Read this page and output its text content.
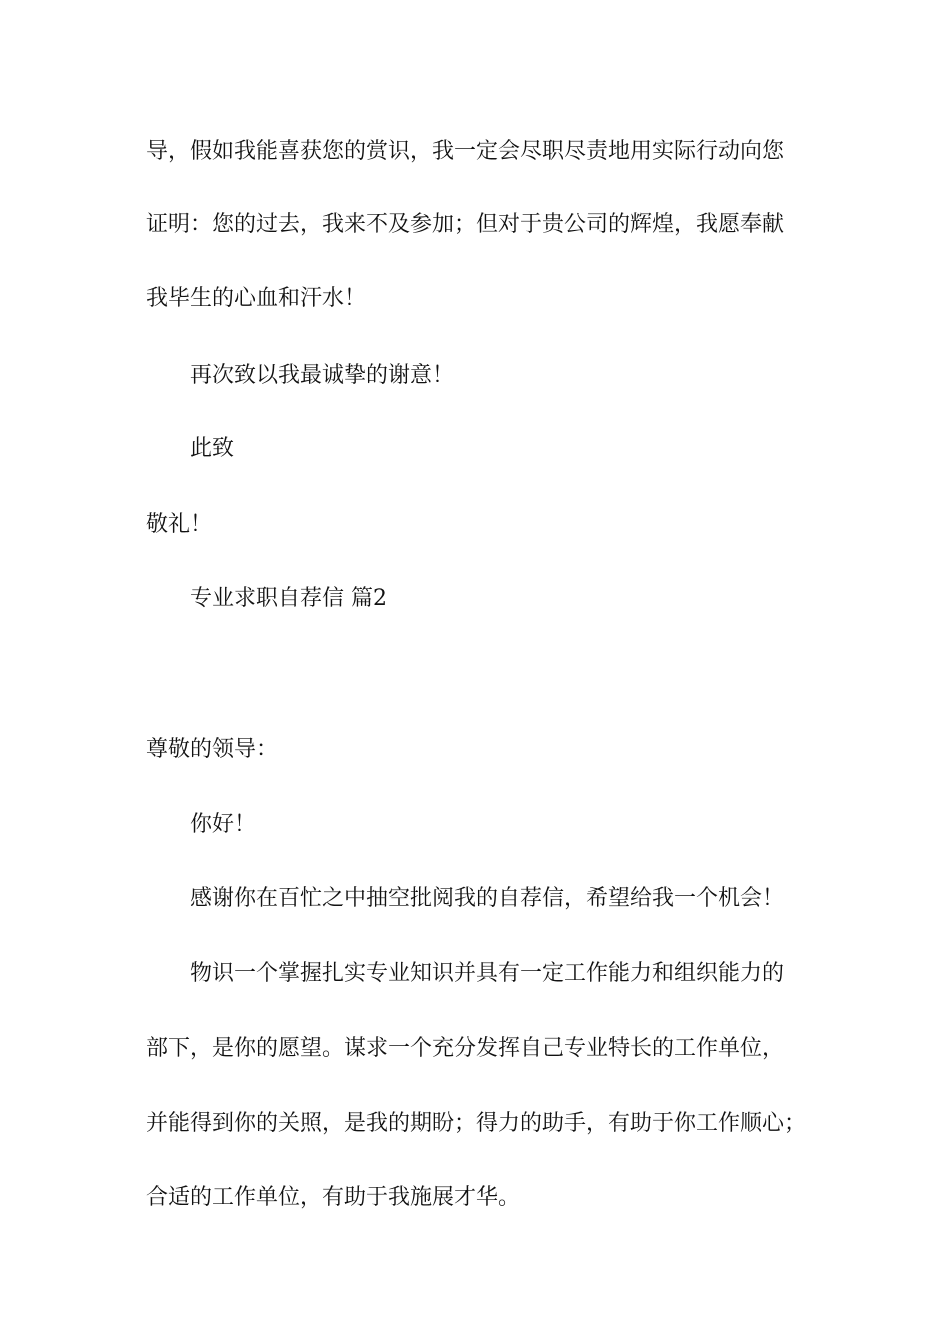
导，假如我能喜获您的赏识，我一定会尽职尽责地用实际行动向您
证明：您的过去，我来不及参加；但对于贵公司的辉煌，我愿奉献
我毕生的心血和汗水！
再次致以我最诚挚的谢意！
此致
敬礼！
专业求职自荐信 篇2
尊敬的领导：
你好！
感谢你在百忙之中抽空批阅我的自荐信，希望给我一个机会！
物识一个掌握扎实专业知识并具有一定工作能力和组织能力的
部下，是你的愿望。谋求一个充分发挥自己专业特长的工作单位，
并能得到你的关照，是我的期盼；得力的助手，有助于你工作顺心；
合适的工作单位，有助于我施展才华。
